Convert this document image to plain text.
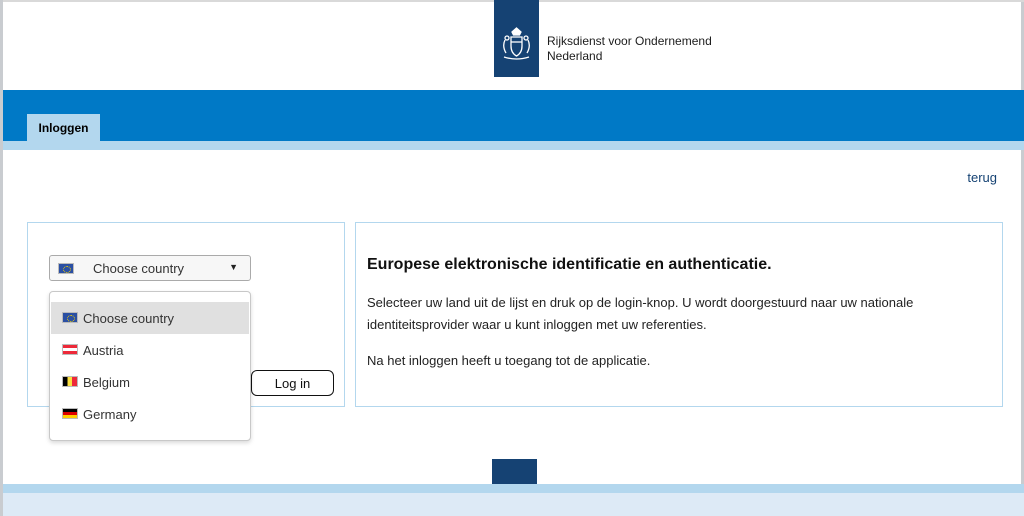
Rijksdienst voor Ondernemend
Nederland
Inloggen
terug
Choose country	▼
Log in
Choose country
Austria
Belgium
Germany
Europese elektronische identificatie en authenticatie.

Selecteer uw land uit de lijst en druk op de login-knop. U wordt doorgestuurd naar uw nationale identiteitsprovider waar u kunt inloggen met uw referenties.

Na het inloggen heeft u toegang tot de applicatie.
